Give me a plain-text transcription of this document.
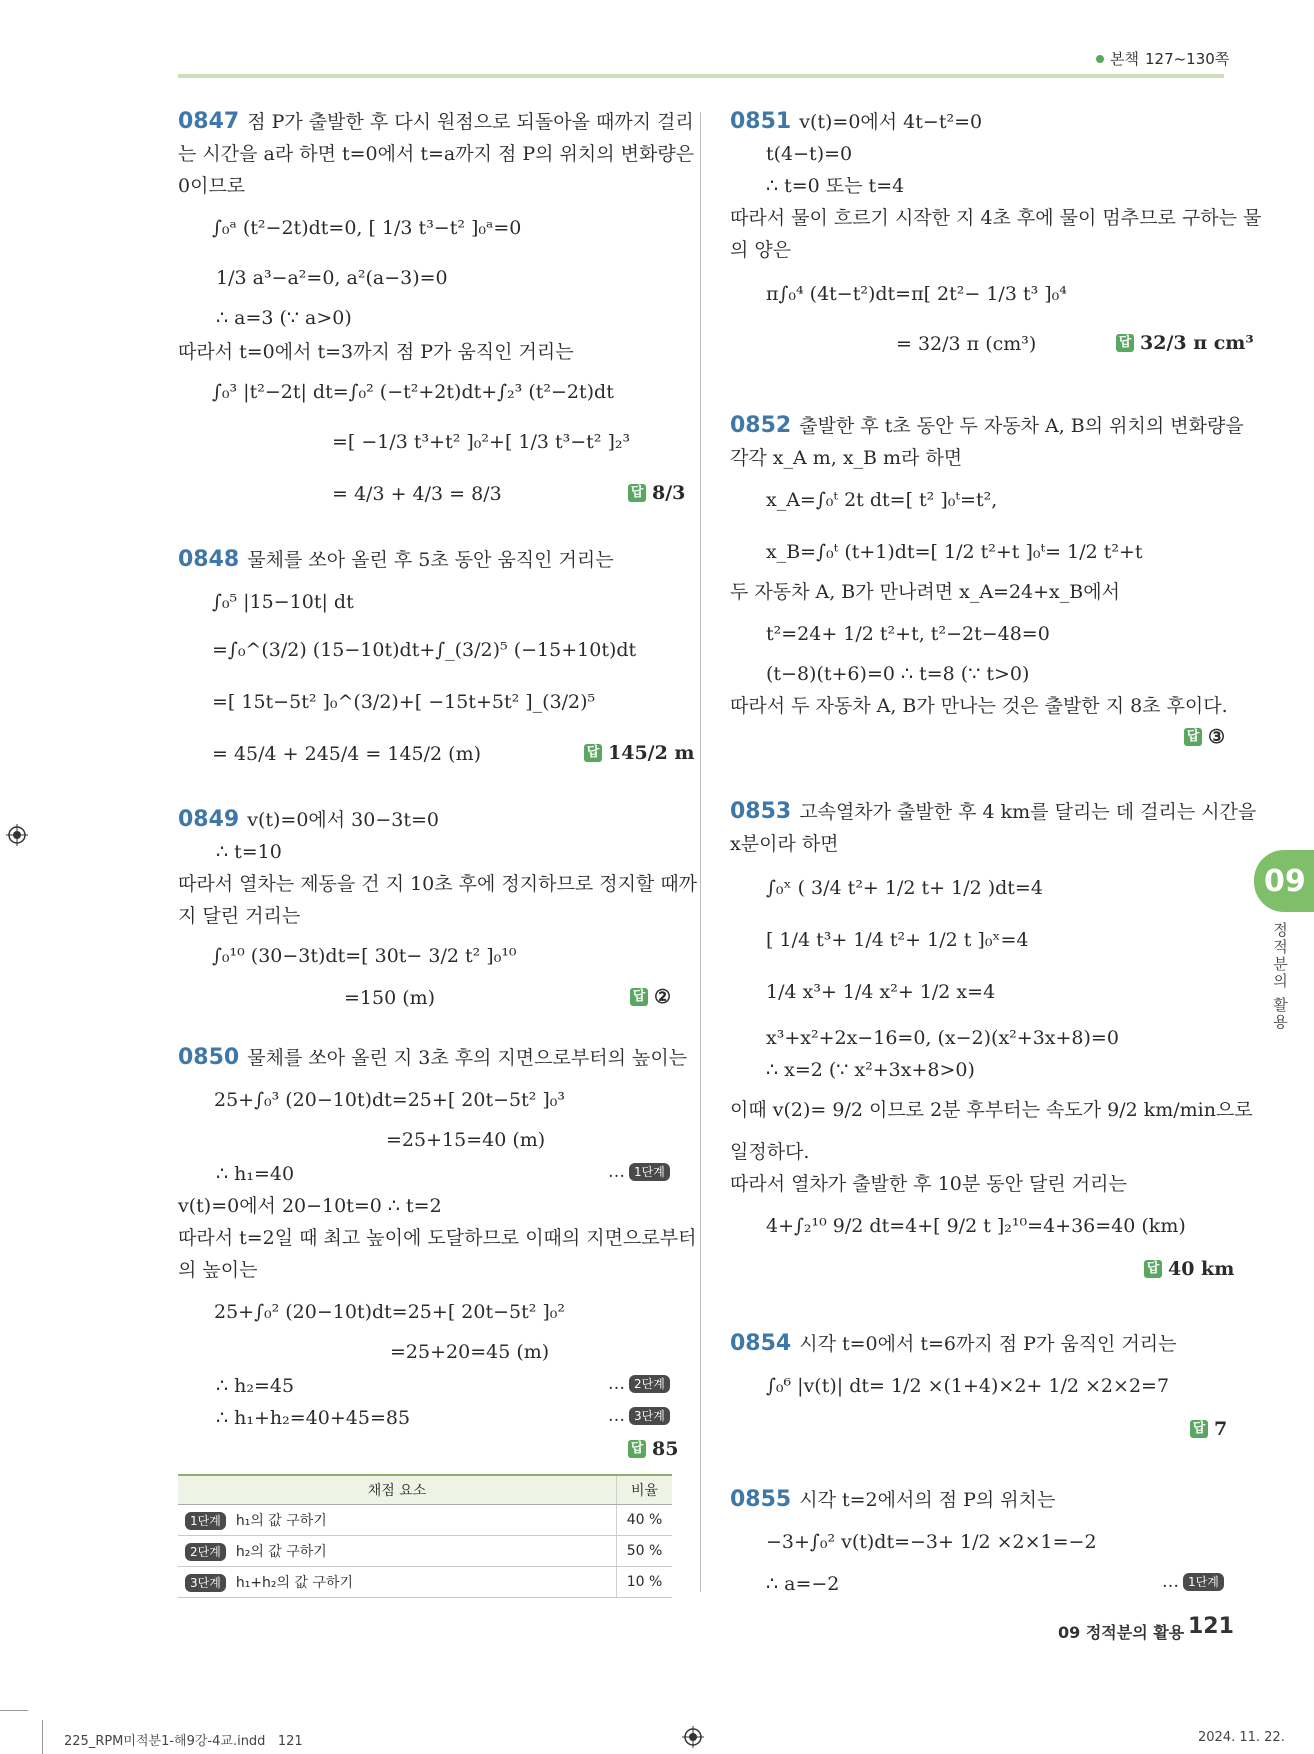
본책 127~130쪽
0847 점 P가 출발한 후 다시 원점으로 되돌아올 때까지 걸리
는 시간을 a라 하면 t=0에서 t=a까지 점 P의 위치의 변화량은
0이므로
∫₀ᵃ (t²−2t)dt=0, [ 1/3 t³−t² ]₀ᵃ=0
1/3 a³−a²=0, a²(a−3)=0
∴ a=3 (∵ a>0)
따라서 t=0에서 t=3까지 점 P가 움직인 거리는
∫₀³ |t²−2t| dt=∫₀² (−t²+2t)dt+∫₂³ (t²−2t)dt
=[ −1/3 t³+t² ]₀²+[ 1/3 t³−t² ]₂³
= 4/3 + 4/3 = 8/3	답 8/3
0848 물체를 쏘아 올린 후 5초 동안 움직인 거리는
∫₀⁵ |15−10t| dt
=∫₀^(3/2) (15−10t)dt+∫_(3/2)⁵ (−15+10t)dt
=[ 15t−5t² ]₀^(3/2)+[ −15t+5t² ]_(3/2)⁵
= 45/4 + 245/4 = 145/2 (m)	답 145/2 m
0849 v(t)=0에서 30−3t=0
∴ t=10
따라서 열차는 제동을 건 지 10초 후에 정지하므로 정지할 때까
지 달린 거리는
∫₀¹⁰ (30−3t)dt=[ 30t− 3/2 t² ]₀¹⁰
=150 (m)	답 ②
0850 물체를 쏘아 올린 지 3초 후의 지면으로부터의 높이는
25+∫₀³ (20−10t)dt=25+[ 20t−5t² ]₀³
=25+15=40 (m)
∴ h₁=40	… 1단계
v(t)=0에서 20−10t=0 ∴ t=2
따라서 t=2일 때 최고 높이에 도달하므로 이때의 지면으로부터
의 높이는
25+∫₀² (20−10t)dt=25+[ 20t−5t² ]₀²
=25+20=45 (m)
∴ h₂=45	… 2단계
∴ h₁+h₂=40+45=85	… 3단계
답 85
채점 요소	비율
1단계 h₁의 값 구하기	40 %
2단계 h₂의 값 구하기	50 %
3단계 h₁+h₂의 값 구하기	10 %
0851 v(t)=0에서 4t−t²=0
t(4−t)=0
∴ t=0 또는 t=4
따라서 물이 흐르기 시작한 지 4초 후에 물이 멈추므로 구하는 물
의 양은
π∫₀⁴ (4t−t²)dt=π[ 2t²− 1/3 t³ ]₀⁴
= 32/3 π (cm³)	답 32/3 π cm³
0852 출발한 후 t초 동안 두 자동차 A, B의 위치의 변화량을
각각 x_A m, x_B m라 하면
x_A=∫₀ᵗ 2t dt=[ t² ]₀ᵗ=t²,
x_B=∫₀ᵗ (t+1)dt=[ 1/2 t²+t ]₀ᵗ= 1/2 t²+t
두 자동차 A, B가 만나려면 x_A=24+x_B에서
t²=24+ 1/2 t²+t, t²−2t−48=0
(t−8)(t+6)=0 ∴ t=8 (∵ t>0)
따라서 두 자동차 A, B가 만나는 것은 출발한 지 8초 후이다.
답 ③
0853 고속열차가 출발한 후 4 km를 달리는 데 걸리는 시간을
x분이라 하면
∫₀ˣ ( 3/4 t²+ 1/2 t+ 1/2 )dt=4
[ 1/4 t³+ 1/4 t²+ 1/2 t ]₀ˣ=4
1/4 x³+ 1/4 x²+ 1/2 x=4
x³+x²+2x−16=0, (x−2)(x²+3x+8)=0
∴ x=2 (∵ x²+3x+8>0)
이때 v(2)= 9/2 이므로 2분 후부터는 속도가 9/2 km/min으로
일정하다.
따라서 열차가 출발한 후 10분 동안 달린 거리는
4+∫₂¹⁰ 9/2 dt=4+[ 9/2 t ]₂¹⁰=4+36=40 (km)
답 40 km
0854 시각 t=0에서 t=6까지 점 P가 움직인 거리는
∫₀⁶ |v(t)| dt= 1/2 ×(1+4)×2+ 1/2 ×2×2=7
답 7
0855 시각 t=2에서의 점 P의 위치는
−3+∫₀² v(t)dt=−3+ 1/2 ×2×1=−2
∴ a=−2	… 1단계
09
정적분의 활용
09 정적분의 활용 121
225_RPM미적분1-해9강-4교.indd   121	2024. 11. 22.
